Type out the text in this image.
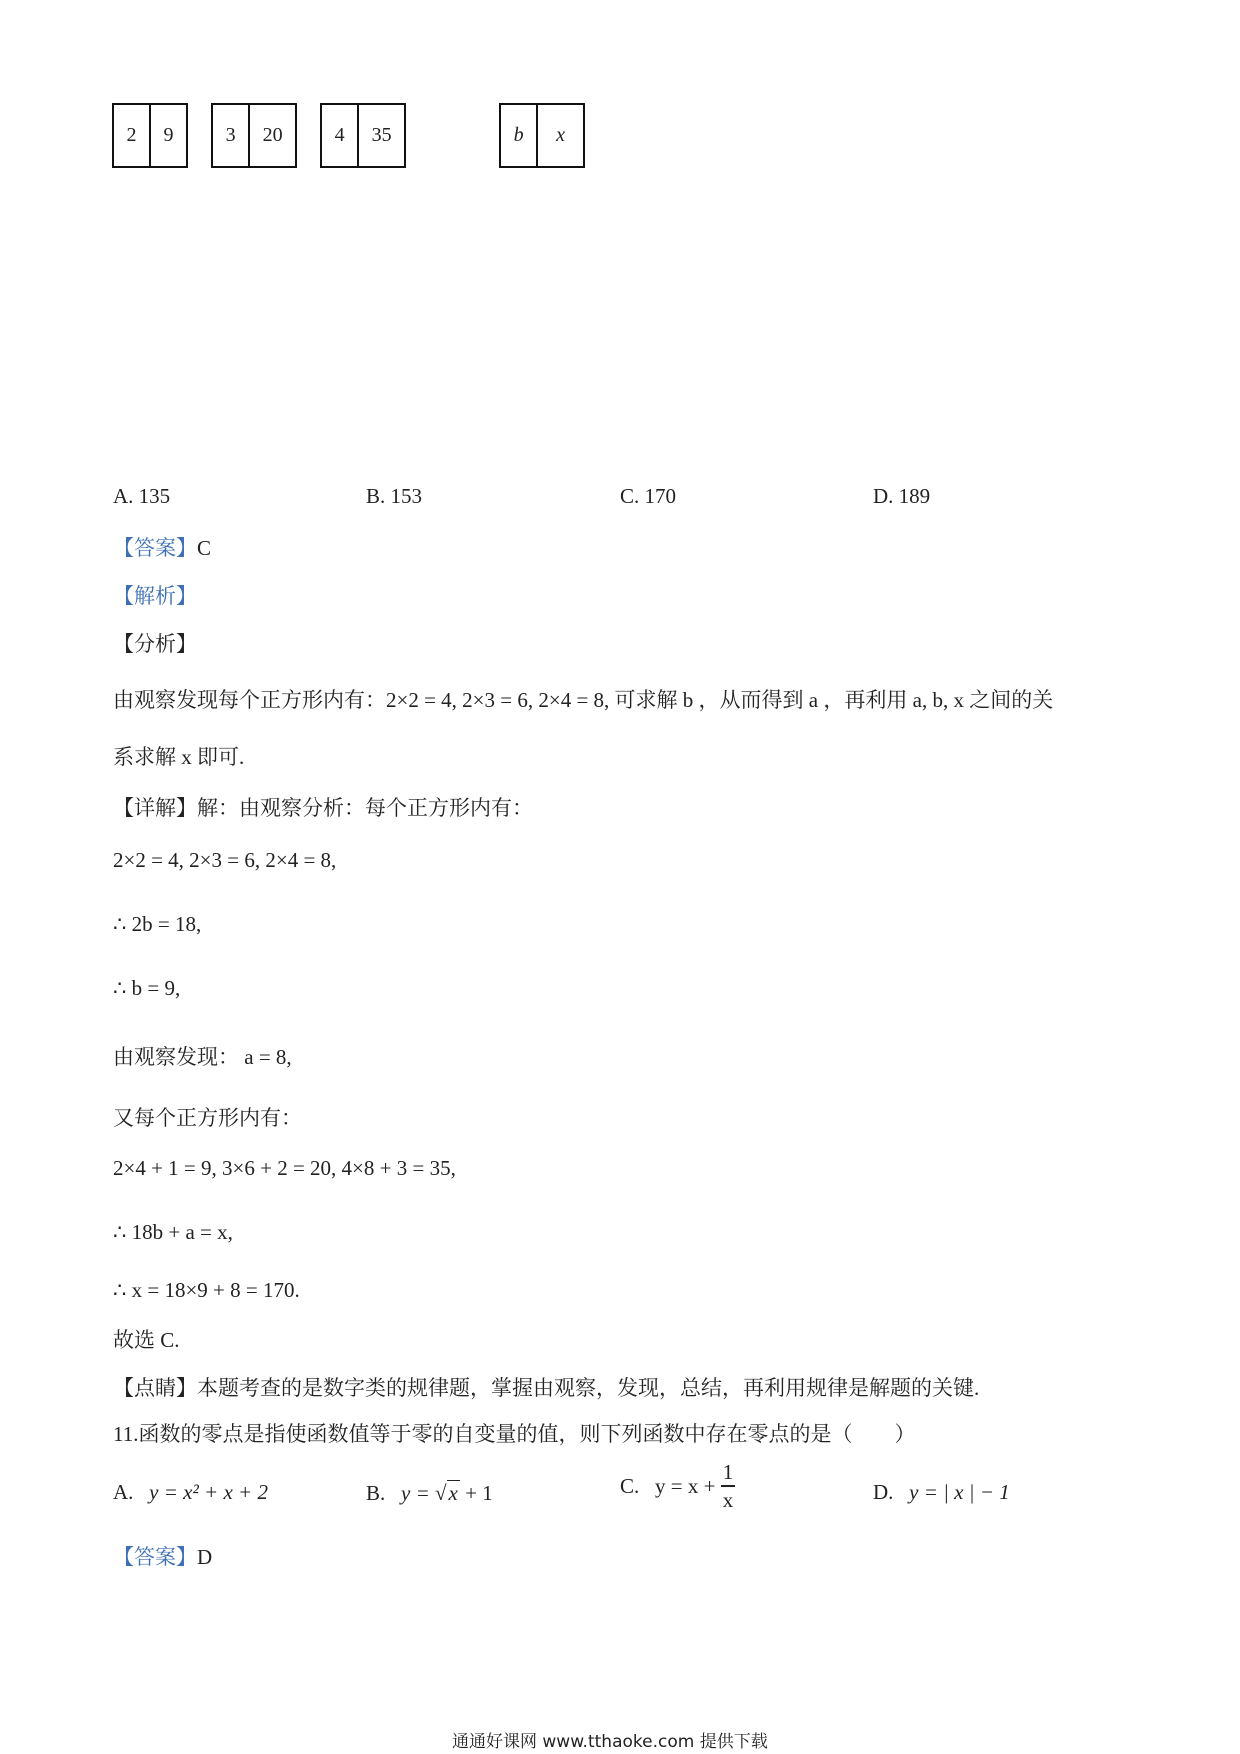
2	9	3	20	4	35	b	x
A. 135	B. 153	C. 170	D. 189
【答案】C
【解析】
【分析】
由观察发现每个正方形内有：2×2 = 4, 2×3 = 6, 2×4 = 8, 可求解 b ，从而得到 a ，再利用 a, b, x 之间的关
系求解 x 即可.
【详解】解：由观察分析：每个正方形内有：
2×2 = 4, 2×3 = 6, 2×4 = 8,
∴ 2b = 18,
∴ b = 9,
由观察发现： a = 8,
又每个正方形内有：
2×4 + 1 = 9, 3×6 + 2 = 20, 4×8 + 3 = 35,
∴ 18b + a = x,
∴ x = 18×9 + 8 = 170.
故选 C.
【点睛】本题考查的是数字类的规律题，掌握由观察，发现，总结，再利用规律是解题的关键.
11.函数的零点是指使函数值等于零的自变量的值，则下列函数中存在零点的是（　　）
A. y = x² + x + 2	B. y = √x + 1	C. $y = x + \frac{1}{x}$	D. y = | x | − 1
【答案】D
通通好课网 www.tthaoke.com 提供下载
